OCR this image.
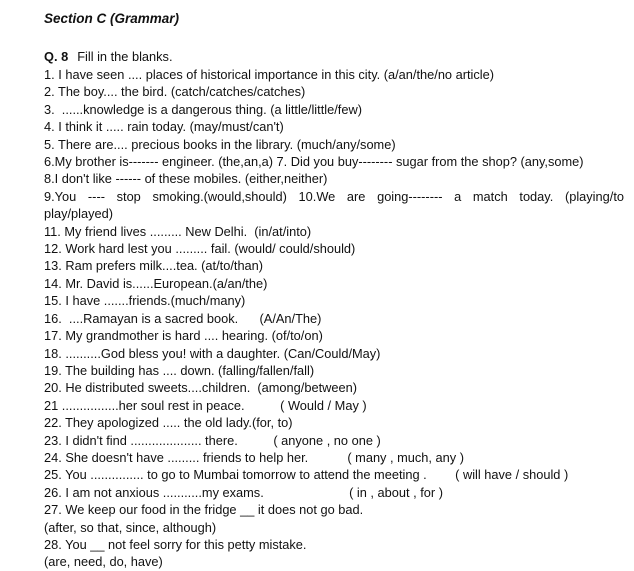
Section C (Grammar)

Q. 8 Fill in the blanks.

1. I have seen .... places of historical importance in this city. (a/an/the/no article)
2. The boy.... the bird. (catch/catches/catches)
3.  ......knowledge is a dangerous thing. (a little/little/few)
4. I think it ..... rain today. (may/must/can't)
5. There are.... precious books in the library. (much/any/some)
6.My brother is------- engineer. (the,an,a) 7. Did you buy-------- sugar from the shop? (any,some)
8.I don't like ------ of these mobiles. (either,neither)
9.You ---- stop smoking.(would,should) 10.We are going-------- a match today. (playing/to
play/played)
11. My friend lives ......... New Delhi.  (in/at/into)
12. Work hard lest you ......... fail. (would/ could/should)
13. Ram prefers milk....tea. (at/to/than)
14. Mr. David is......European.(a/an/the)
15. I have .......friends.(much/many)
16.  ....Ramayan is a sacred book.      (A/An/The)
17. My grandmother is hard .... hearing. (of/to/on)
18. ..........God bless you! with a daughter. (Can/Could/May)
19. The building has .... down. (falling/fallen/fall)
20. He distributed sweets....children.  (among/between)
21 ................her soul rest in peace.          ( Would / May )
22. They apologized ..... the old lady.(for, to)
23. I didn't find .................... there.          ( anyone , no one )
24. She doesn't have ......... friends to help her.           ( many , much, any )
25. You ............... to go to Mumbai tomorrow to attend the meeting .        ( will have / should )
26. I am not anxious ...........my exams.                        ( in , about , for )
27. We keep our food in the fridge __ it does not go bad.
(after, so that, since, although)
28. You __ not feel sorry for this petty mistake.
(are, need, do, have)
